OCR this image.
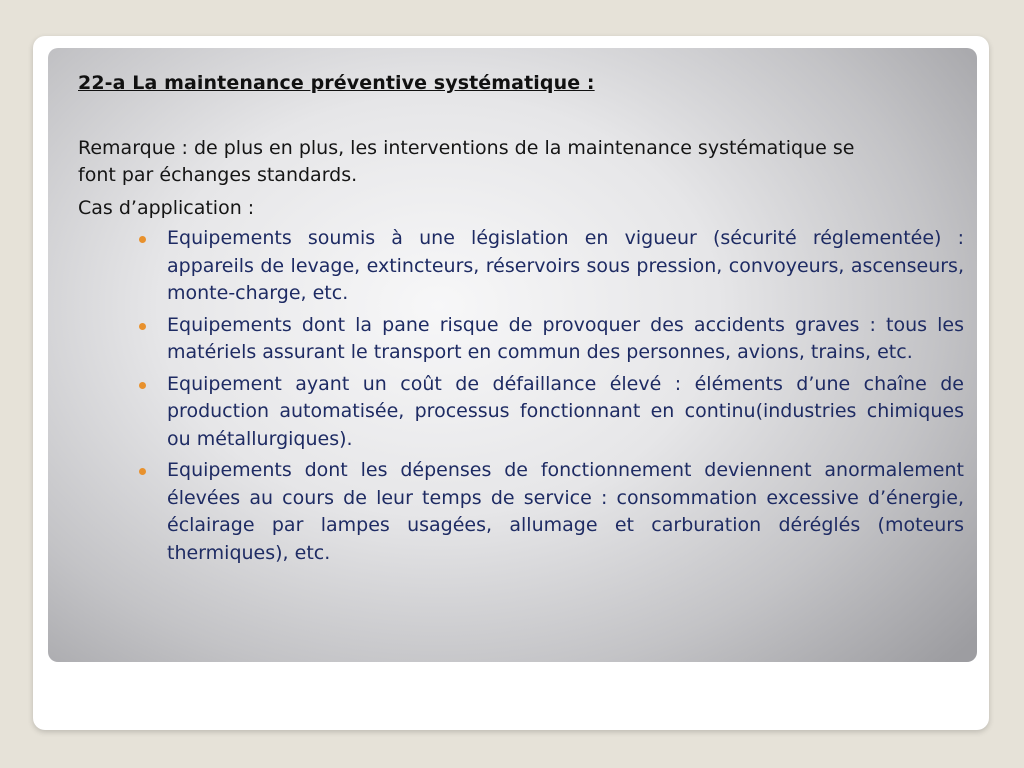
22-a La maintenance préventive systématique :

Remarque : de plus en plus, les interventions de la maintenance systématique se font par échanges standards.

Cas d’application :

Equipements soumis à une législation en vigueur (sécurité réglementée) : appareils de levage, extincteurs, réservoirs sous pression, convoyeurs, ascenseurs, monte-charge, etc.
Equipements dont la pane risque de provoquer des accidents graves : tous les matériels assurant le transport en commun des personnes, avions, trains, etc.
Equipement ayant un coût de défaillance élevé : éléments d’une chaîne de production automatisée, processus fonctionnant en continu(industries chimiques ou métallurgiques).
Equipements dont les dépenses de fonctionnement deviennent anormalement élevées au cours de leur temps de service : consommation excessive d’énergie, éclairage par lampes usagées, allumage et carburation déréglés (moteurs thermiques), etc.
